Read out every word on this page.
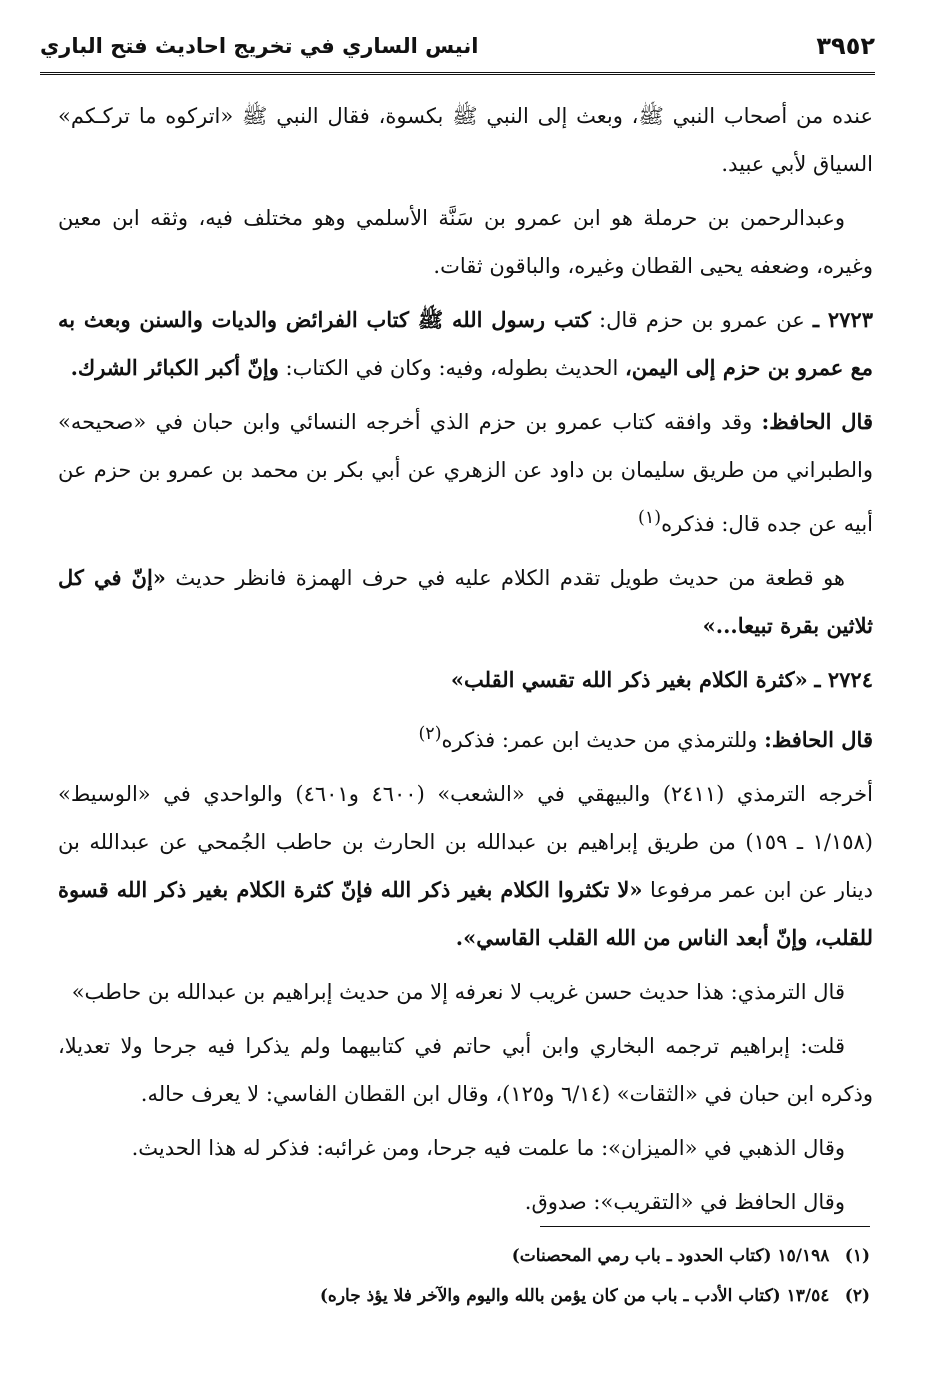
انيس الساري في تخريج احاديث فتح الباري	٣٩٥٢

عنده من أصحاب النبي ﷺ، وبعث إلى النبي ﷺ بكسوة، فقال النبي ﷺ «اتركوه ما تركـكم» السياق لأبي عبيد.

وعبدالرحمن بن حرملة هو ابن عمرو بن سَنَّة الأسلمي وهو مختلف فيه، وثقه ابن معين وغيره، وضعفه يحيى القطان وغيره، والباقون ثقات.

٢٧٢٣ ـ عن عمرو بن حزم قال: كتب رسول الله ﷺ كتاب الفرائض والديات والسنن وبعث به مع عمرو بن حزم إلى اليمن، الحديث بطوله، وفيه: وكان في الكتاب: وإنّ أكبر الكبائر الشرك.

قال الحافظ: وقد وافقه كتاب عمرو بن حزم الذي أخرجه النسائي وابن حبان في «صحيحه» والطبراني من طريق سليمان بن داود عن الزهري عن أبي بكر بن محمد بن عمرو بن حزم عن أبيه عن جده قال: فذكره$^{(١)}$

هو قطعة من حديث طويل تقدم الكلام عليه في حرف الهمزة فانظر حديث «إنّ في كل ثلاثين بقرة تبيعا...»

٢٧٢٤ ـ «كثرة الكلام بغير ذكر الله تقسي القلب»

قال الحافظ: وللترمذي من حديث ابن عمر: فذكره$^{(٢)}$

أخرجه الترمذي (٢٤١١) والبيهقي في «الشعب» (٤٦٠٠ و٤٦٠١) والواحدي في «الوسيط» (١/١٥٨ ـ ١٥٩) من طريق إبراهيم بن عبدالله بن الحارث بن حاطب الجُمحي عن عبدالله بن دينار عن ابن عمر مرفوعا «لا تكثروا الكلام بغير ذكر الله فإنّ كثرة الكلام بغير ذكر الله قسوة للقلب، وإنّ أبعد الناس من الله القلب القاسي».

قال الترمذي: هذا حديث حسن غريب لا نعرفه إلا من حديث إبراهيم بن عبدالله بن حاطب»

قلت: إبراهيم ترجمه البخاري وابن أبي حاتم في كتابيهما ولم يذكرا فيه جرحا ولا تعديلا، وذكره ابن حبان في «الثقات» (٦/١٤ و١٢٥)، وقال ابن القطان الفاسي: لا يعرف حاله.

وقال الذهبي في «الميزان»: ما علمت فيه جرحا، ومن غرائبه: فذكر له هذا الحديث.

وقال الحافظ في «التقريب»: صدوق.

(١) ١٥/١٩٨ (كتاب الحدود ـ باب رمي المحصنات)
(٢) ١٣/٥٤ (كتاب الأدب ـ باب من كان يؤمن بالله واليوم والآخر فلا يؤذ جاره)
